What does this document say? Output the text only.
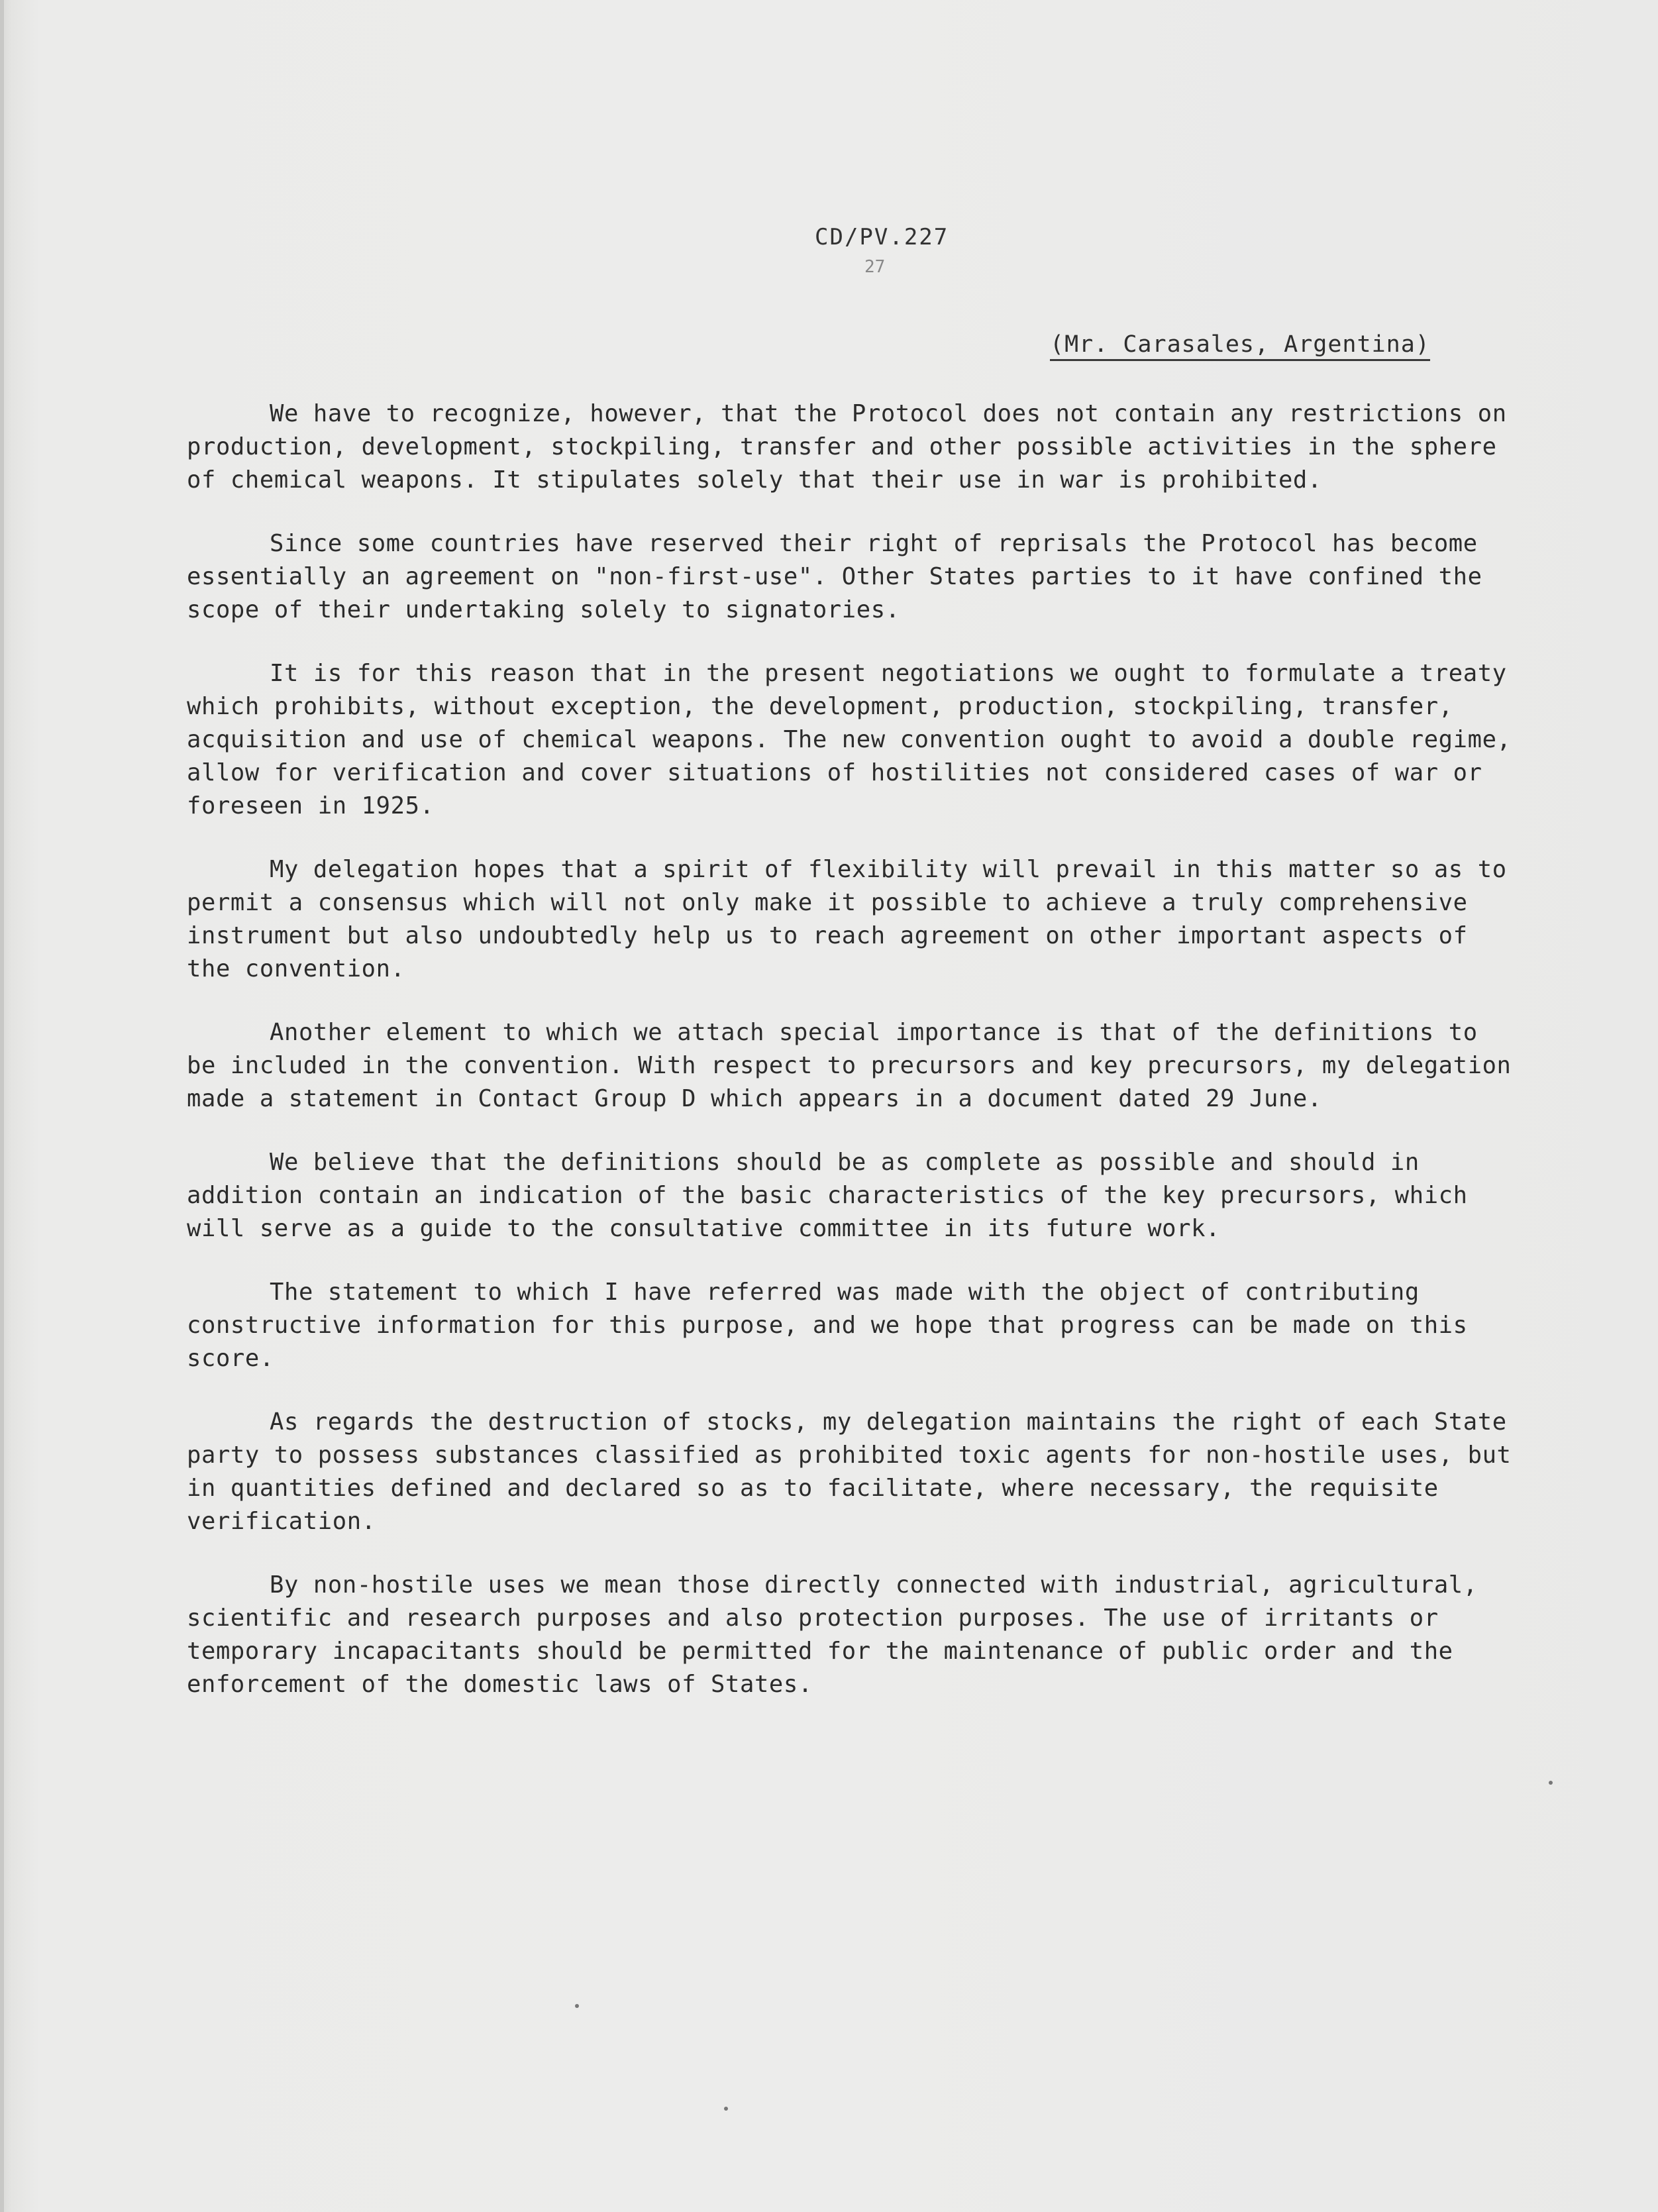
CD/PV.227
27
(Mr. Carasales, Argentina)

We have to recognize, however, that the Protocol does not contain any restrictions on production, development, stockpiling, transfer and other possible activities in the sphere of chemical weapons. It stipulates solely that their use in war is prohibited.

Since some countries have reserved their right of reprisals the Protocol has become essentially an agreement on "non-first-use". Other States parties to it have confined the scope of their undertaking solely to signatories.

It is for this reason that in the present negotiations we ought to formulate a treaty which prohibits, without exception, the development, production, stockpiling, transfer, acquisition and use of chemical weapons. The new convention ought to avoid a double regime, allow for verification and cover situations of hostilities not considered cases of war or foreseen in 1925.

My delegation hopes that a spirit of flexibility will prevail in this matter so as to permit a consensus which will not only make it possible to achieve a truly comprehensive instrument but also undoubtedly help us to reach agreement on other important aspects of the convention.

Another element to which we attach special importance is that of the definitions to be included in the convention. With respect to precursors and key precursors, my delegation made a statement in Contact Group D which appears in a document dated 29 June.

We believe that the definitions should be as complete as possible and should in addition contain an indication of the basic characteristics of the key precursors, which will serve as a guide to the consultative committee in its future work.

The statement to which I have referred was made with the object of contributing constructive information for this purpose, and we hope that progress can be made on this score.

As regards the destruction of stocks, my delegation maintains the right of each State party to possess substances classified as prohibited toxic agents for non-hostile uses, but in quantities defined and declared so as to facilitate, where necessary, the requisite verification.

By non-hostile uses we mean those directly connected with industrial, agricultural, scientific and research purposes and also protection purposes. The use of irritants or temporary incapacitants should be permitted for the maintenance of public order and the enforcement of the domestic laws of States.
